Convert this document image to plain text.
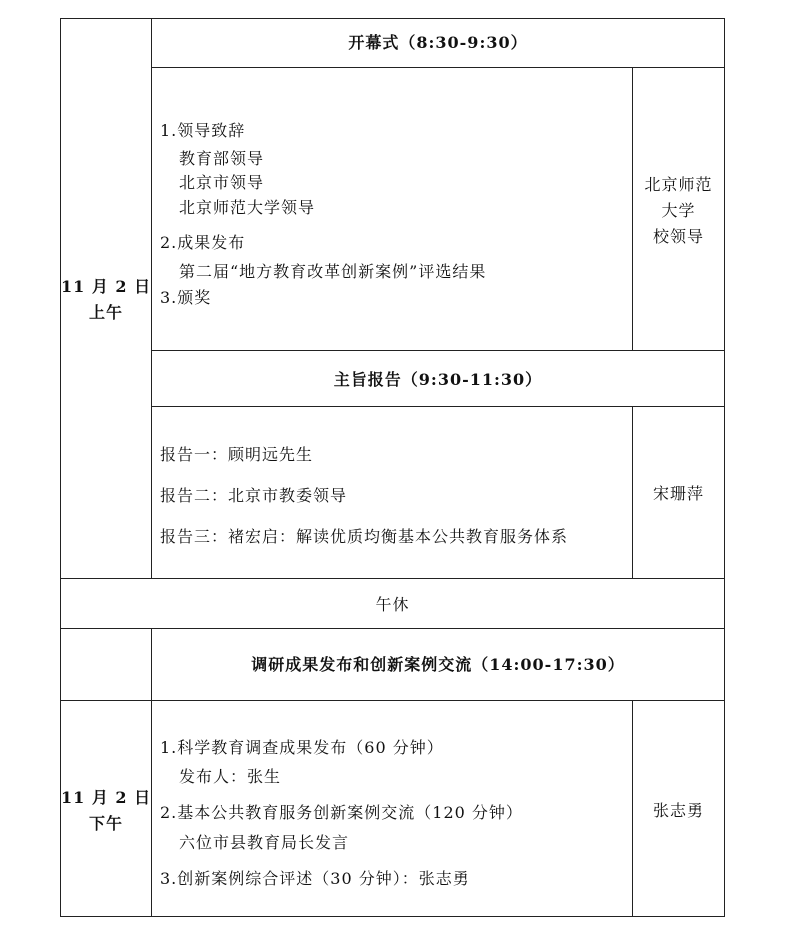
11 月 2 日
上午
开幕式（8:30-9:30）
1.领导致辞
教育部领导
北京市领导
北京师范大学领导
2.成果发布
第二届“地方教育改革创新案例”评选结果
3.颁奖
北京师范
大学
校领导
主旨报告（9:30-11:30）
报告一：顾明远先生
报告二：北京市教委领导
报告三：褚宏启：解读优质均衡基本公共教育服务体系
宋珊萍
午休
调研成果发布和创新案例交流（14:00-17:30）
11 月 2 日
下午
1.科学教育调查成果发布（60 分钟）
发布人：张生
2.基本公共教育服务创新案例交流（120 分钟）
六位市县教育局长发言
3.创新案例综合评述（30 分钟）：张志勇
张志勇
